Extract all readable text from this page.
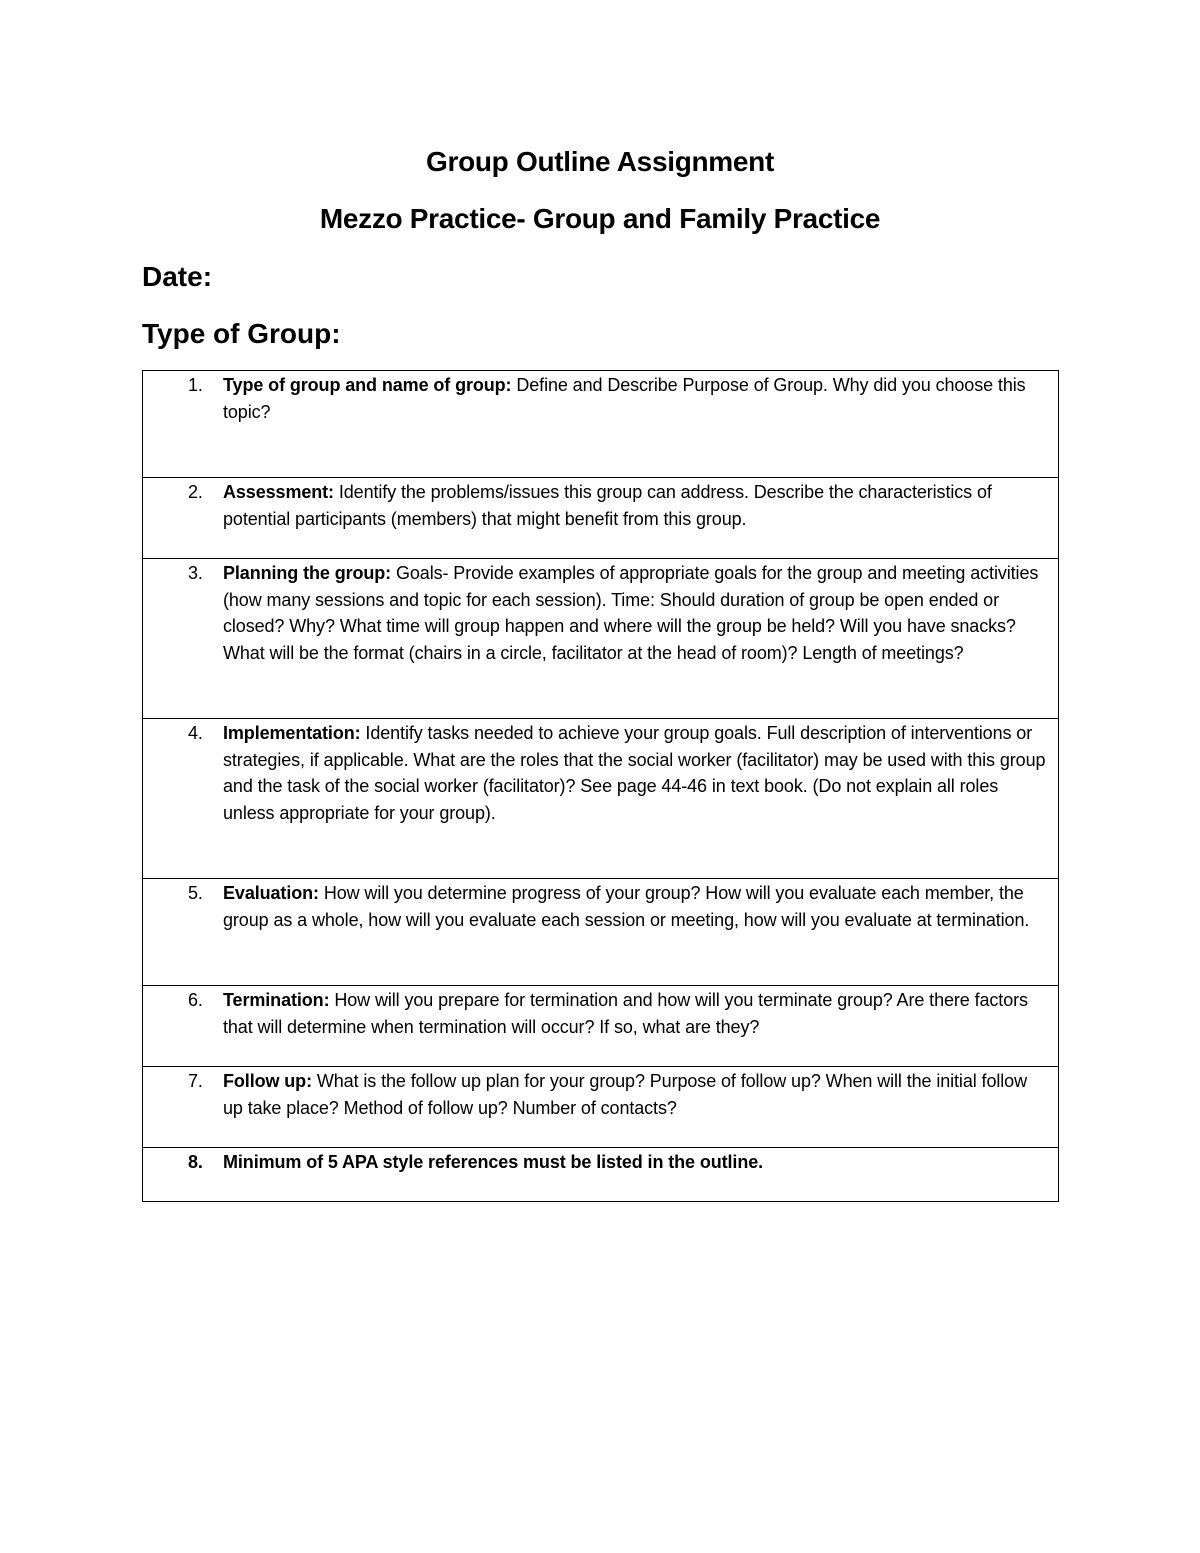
Group Outline Assignment
Mezzo Practice- Group and Family Practice
Date:
Type of Group:
1. Type of group and name of group: Define and Describe Purpose of Group. Why did you choose this topic?

2. Assessment: Identify the problems/issues this group can address. Describe the characteristics of potential participants (members) that might benefit from this group.

3. Planning the group: Goals- Provide examples of appropriate goals for the group and meeting activities (how many sessions and topic for each session). Time: Should duration of group be open ended or closed? Why? What time will group happen and where will the group be held? Will you have snacks? What will be the format (chairs in a circle, facilitator at the head of room)? Length of meetings?

4. Implementation: Identify tasks needed to achieve your group goals. Full description of interventions or strategies, if applicable. What are the roles that the social worker (facilitator) may be used with this group and the task of the social worker (facilitator)? See page 44-46 in text book. (Do not explain all roles unless appropriate for your group).

5. Evaluation: How will you determine progress of your group? How will you evaluate each member, the group as a whole, how will you evaluate each session or meeting, how will you evaluate at termination.

6. Termination: How will you prepare for termination and how will you terminate group? Are there factors that will determine when termination will occur? If so, what are they?

7. Follow up: What is the follow up plan for your group? Purpose of follow up? When will the initial follow up take place? Method of follow up? Number of contacts?

8. Minimum of 5 APA style references must be listed in the outline.
